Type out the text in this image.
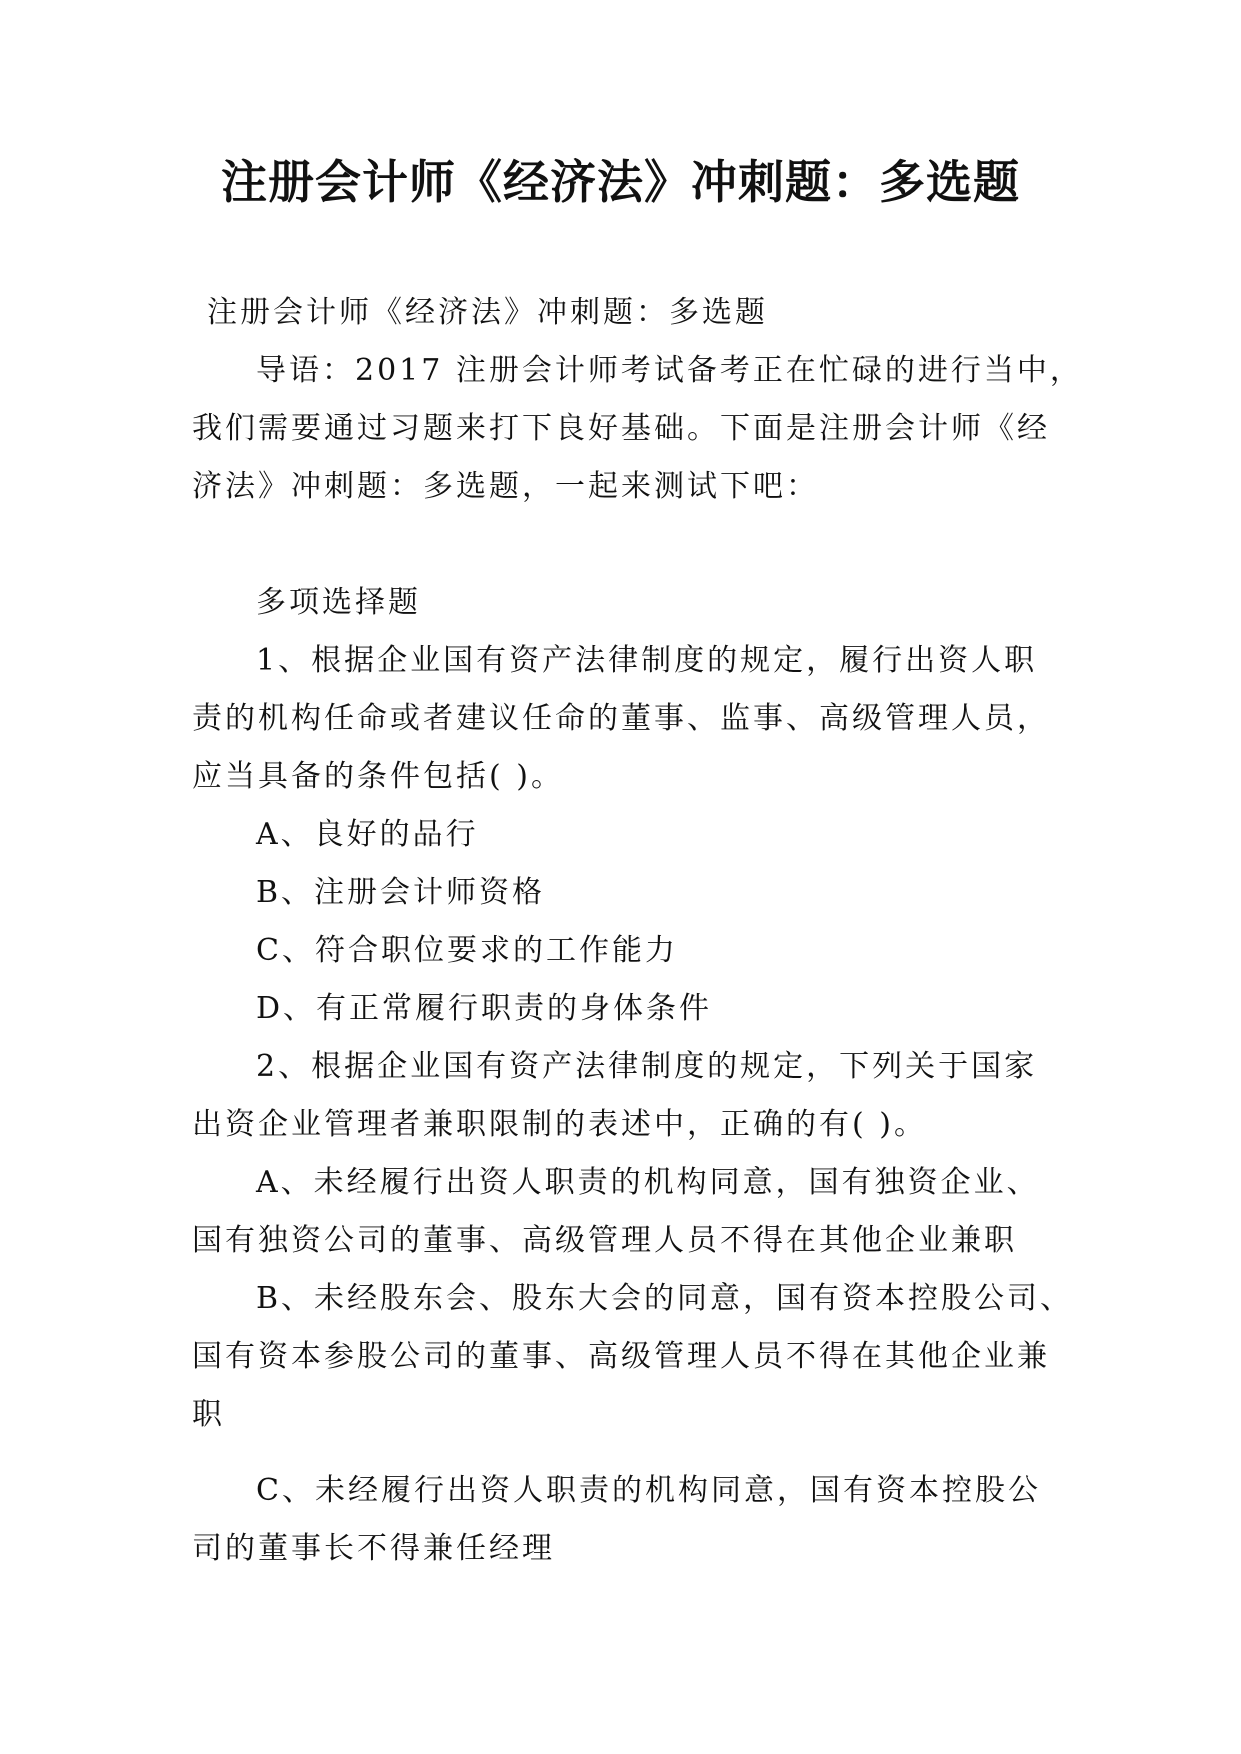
注册会计师《经济法》冲刺题：多选题
注册会计师《经济法》冲刺题：多选题
导语：2017 注册会计师考试备考正在忙碌的进行当中，
我们需要通过习题来打下良好基础。下面是注册会计师《经
济法》冲刺题：多选题，一起来测试下吧：
多项选择题
1、根据企业国有资产法律制度的规定，履行出资人职
责的机构任命或者建议任命的董事、监事、高级管理人员，
应当具备的条件包括( )。
A、良好的品行
B、注册会计师资格
C、符合职位要求的工作能力
D、有正常履行职责的身体条件
2、根据企业国有资产法律制度的规定，下列关于国家
出资企业管理者兼职限制的表述中，正确的有( )。
A、未经履行出资人职责的机构同意，国有独资企业、
国有独资公司的董事、高级管理人员不得在其他企业兼职
B、未经股东会、股东大会的同意，国有资本控股公司、
国有资本参股公司的董事、高级管理人员不得在其他企业兼
职
C、未经履行出资人职责的机构同意，国有资本控股公
司的董事长不得兼任经理
